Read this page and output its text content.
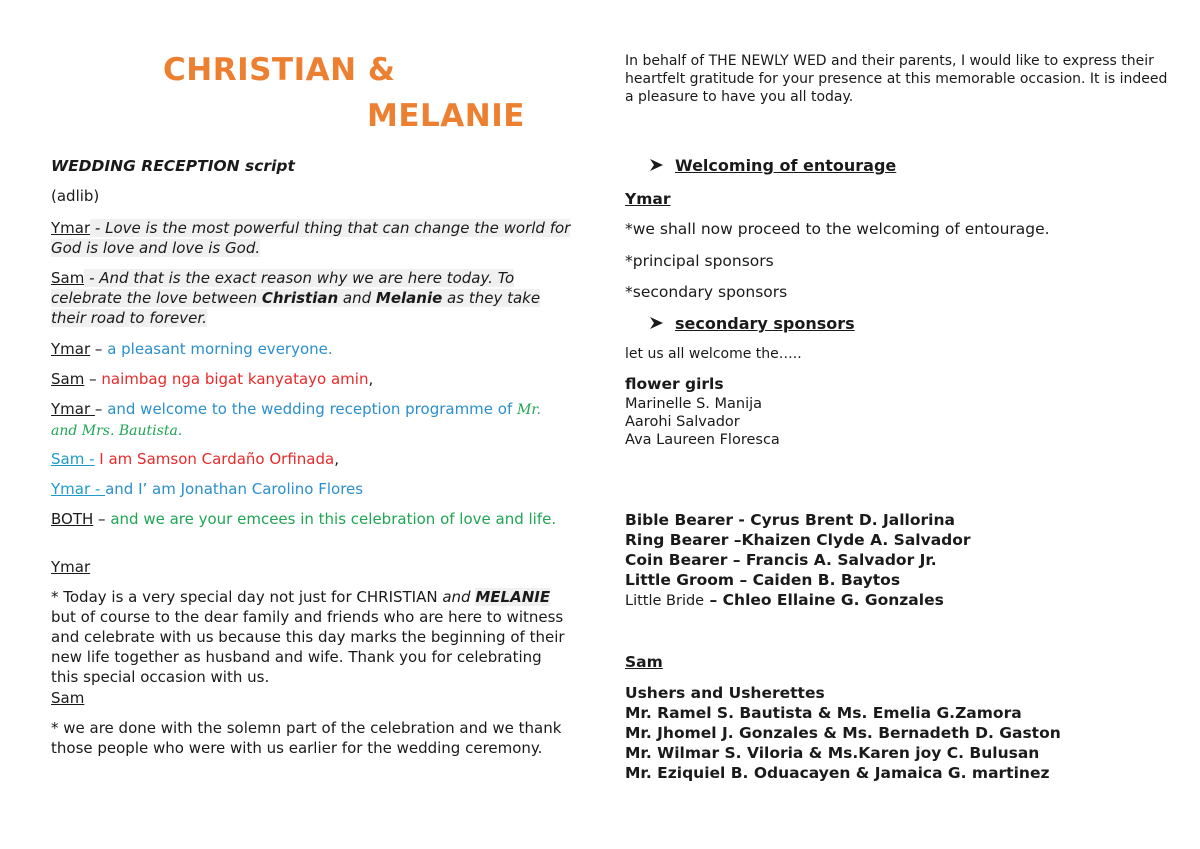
CHRISTIAN &
MELANIE
WEDDING RECEPTION script
(adlib)

Ymar - Love is the most powerful thing that can change the world for God is love and love is God.

Sam - And that is the exact reason why we are here today. To celebrate the love between Christian and Melanie as they take their road to forever.

Ymar – a pleasant morning everyone.

Sam – naimbag nga bigat kanyatayo amin,

Ymar – and welcome to the wedding reception programme of Mr. and Mrs. Bautista.

Sam - I am Samson Cardaño Orfinada,

Ymar - and I’ am Jonathan Carolino Flores

BOTH – and we are your emcees in this celebration of love and life.

Ymar

* Today is a very special day not just for CHRISTIAN and MELANIE but of course to the dear family and friends who are here to witness and celebrate with us because this day marks the beginning of their new life together as husband and wife. Thank you for celebrating this special occasion with us.

Sam

* we are done with the solemn part of the celebration and we thank those people who were with us earlier for the wedding ceremony.

In behalf of THE NEWLY WED and their parents, I would like to express their heartfelt gratitude for your presence at this memorable occasion. It is indeed a pleasure to have you all today.

Welcoming of entourage
Ymar
*we shall now proceed to the welcoming of entourage.
*principal sponsors
*secondary sponsors
secondary sponsors
let us all welcome the…..
flower girls
Marinelle S. Manija
Aarohi Salvador
Ava Laureen Floresca
Bible Bearer - Cyrus Brent D. Jallorina
Ring Bearer –Khaizen Clyde A. Salvador
Coin Bearer – Francis A. Salvador Jr.
Little Groom – Caiden B. Baytos
Little Bride – Chleo Ellaine G. Gonzales
Sam
Ushers and Usherettes
Mr. Ramel S. Bautista & Ms. Emelia G.Zamora
Mr. Jhomel J. Gonzales & Ms. Bernadeth D. Gaston
Mr. Wilmar S. Viloria & Ms.Karen joy C. Bulusan
Mr. Eziquiel B. Oduacayen & Jamaica G. martinez
